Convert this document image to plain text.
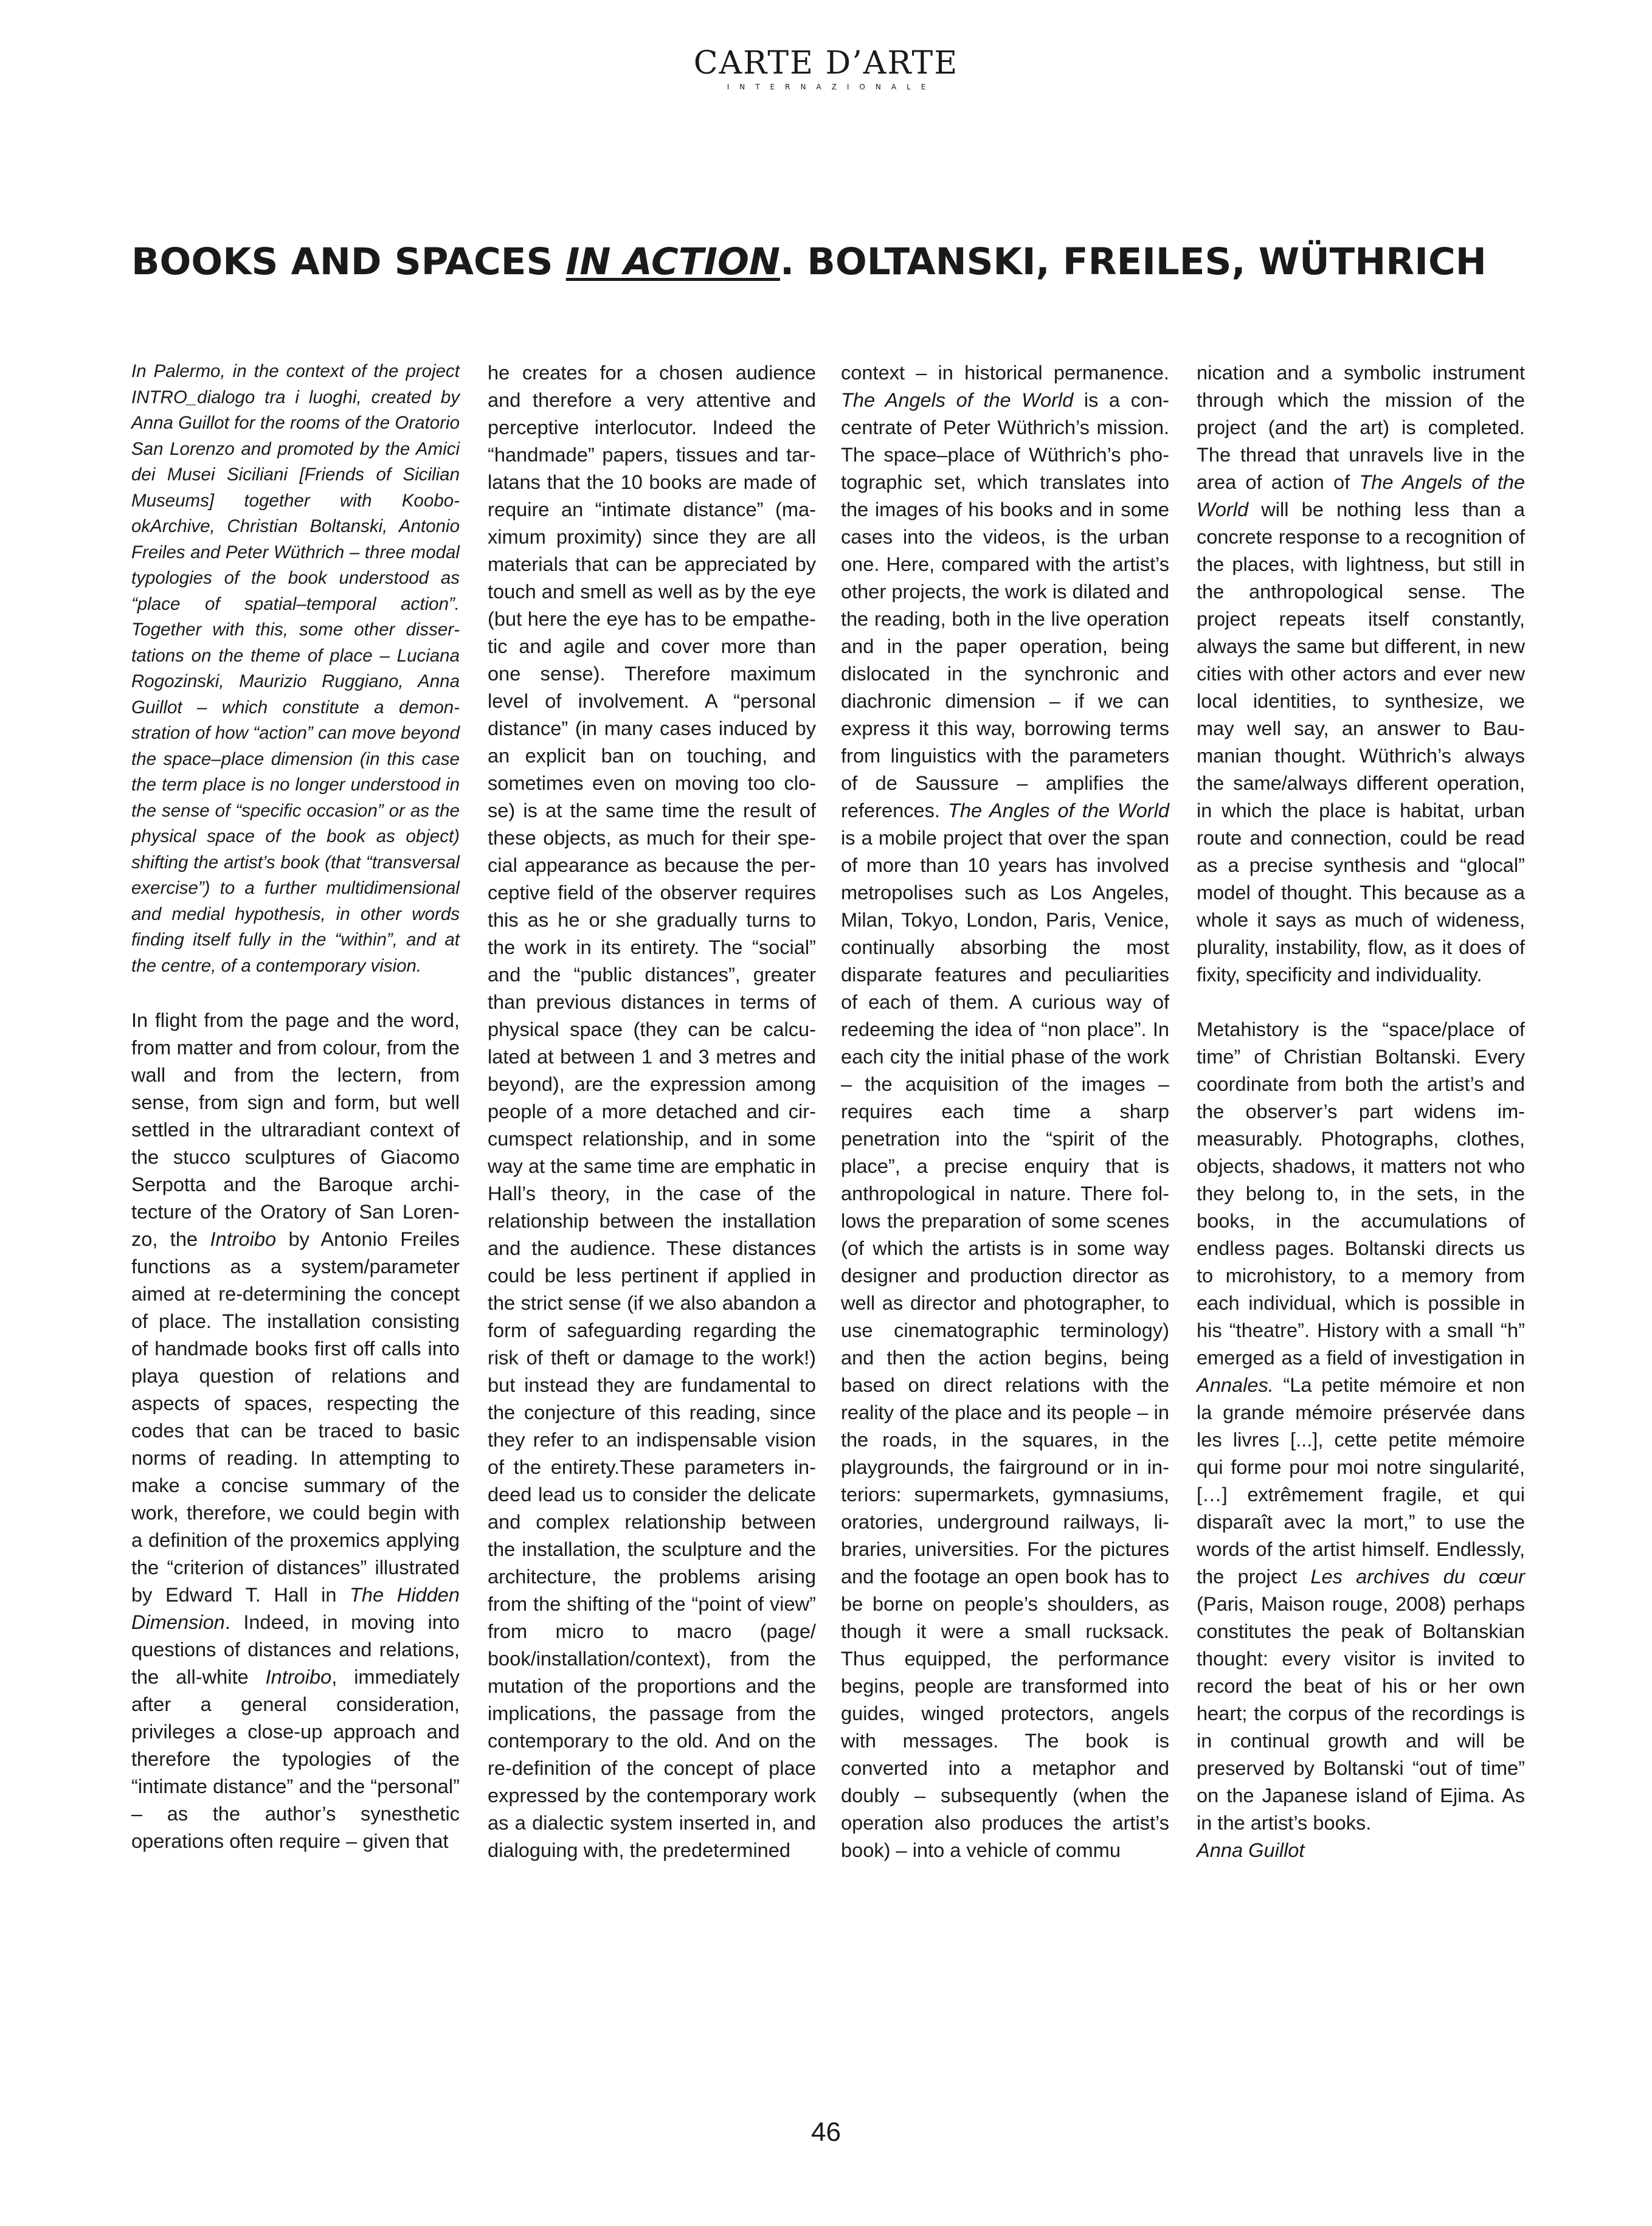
CARTE D’ARTE
INTERNAZIONALE
BOOKS AND SPACES IN ACTION. BOLTANSKI, FREILES, WÜTHRICH

In Palermo, in the context of the project INTRO_dialogo tra i luoghi, created by Anna Guillot for the rooms of the Oratorio San Lorenzo and promoted by the Amici dei Musei Siciliani [Friends of Sicilian Museums] together with KoobookArchive, Christian Boltanski, Antonio Freiles and Peter Wüthrich – three modal typologies of the book understood as “place of spatial–temporal action”. Together with this, some other dissertations on the theme of place – Luciana Rogozinski, Maurizio Ruggiano, Anna Guillot – which constitute a demonstration of how “action” can move beyond the space–place dimension (in this case the term place is no longer understood in the sense of “specific occasion” or as the physical space of the book as object) shifting the artist’s book (that “transversal exercise”) to a further multidimensional and medial hypothesis, in other words finding itself fully in the “within”, and at the centre, of a contemporary vision.

In flight from the page and the word, from matter and from colour, from the wall and from the lectern, from sense, from sign and form, but well settled in the ultraradiant context of the stucco sculptures of Giacomo Serpotta and the Baroque architecture of the Oratory of San Lorenzo, the Introibo by Antonio Freiles functions as a system/parameter aimed at re-determining the concept of place. The installation consisting of handmade books first off calls into playa question of relations and aspects of spaces, respecting the codes that can be traced to basic norms of reading. In attempting to make a concise summary of the work, therefore, we could begin with a definition of the proxemics applying the “criterion of distances” illustrated by Edward T. Hall in The Hidden Dimension. Indeed, in moving into questions of distances and relations, the all-white Introibo, immediately after a general consideration, privileges a close-up approach and therefore the typologies of the “intimate distance” and the “personal” – as the author’s synesthetic operations often require – given that

he creates for a chosen audience and therefore a very attentive and perceptive interlocutor. Indeed the “handmade” papers, tissues and tarlatans that the 10 books are made of require an “intimate distance” (maximum proximity) since they are all materials that can be appreciated by touch and smell as well as by the eye (but here the eye has to be empathetic and agile and cover more than one sense). Therefore maximum level of involvement. A “personal distance” (in many cases induced by an explicit ban on touching, and sometimes even on moving too close) is at the same time the result of these objects, as much for their special appearance as because the perceptive field of the observer requires this as he or she gradually turns to the work in its entirety. The “social” and the “public distances”, greater than previous distances in terms of physical space (they can be calculated at between 1 and 3 metres and beyond), are the expression among people of a more detached and circumspect relationship, and in some way at the same time are emphatic in Hall’s theory, in the case of the relationship between the installation and the audience. These distances could be less pertinent if applied in the strict sense (if we also abandon a form of safeguarding regarding the risk of theft or damage to the work!) but instead they are fundamental to the conjecture of this reading, since they refer to an indispensable vision of the entirety.These parameters indeed lead us to consider the delicate and complex relationship between the installation, the sculpture and the architecture, the problems arising from the shifting of the “point of view” from micro to macro (page/ book/installation/context), from the mutation of the proportions and the implications, the passage from the contemporary to the old. And on the re-definition of the concept of place expressed by the contemporary work as a dialectic system inserted in, and dialoguing with, the predetermined

context – in historical permanence. The Angels of the World is a concentrate of Peter Wüthrich’s mission. The space–place of Wüthrich’s photographic set, which translates into the images of his books and in some cases into the videos, is the urban one. Here, compared with the artist’s other projects, the work is dilated and the reading, both in the live operation and in the paper operation, being dislocated in the synchronic and diachronic dimension – if we can express it this way, borrowing terms from linguistics with the parameters of de Saussure – amplifies the references. The Angles of the World is a mobile project that over the span of more than 10 years has involved metropolises such as Los Angeles, Milan, Tokyo, London, Paris, Venice, continually absorbing the most disparate features and peculiarities of each of them. A curious way of redeeming the idea of “non place”. In each city the initial phase of the work – the acquisition of the images – requires each time a sharp penetration into the “spirit of the place”, a precise enquiry that is anthropological in nature. There follows the preparation of some scenes (of which the artists is in some way designer and production director as well as director and photographer, to use cinematographic terminology) and then the action begins, being based on direct relations with the reality of the place and its people – in the roads, in the squares, in the playgrounds, the fairground or in interiors: supermarkets, gymnasiums, oratories, underground railways, libraries, universities. For the pictures and the footage an open book has to be borne on people’s shoulders, as though it were a small rucksack. Thus equipped, the performance begins, people are transformed into guides, winged protectors, angels with messages. The book is converted into a metaphor and doubly – subsequently (when the operation also produces the artist’s book) – into a vehicle of commu

nication and a symbolic instrument through which the mission of the project (and the art) is completed. The thread that unravels live in the area of action of The Angels of the World will be nothing less than a concrete response to a recognition of the places, with lightness, but still in the anthropological sense. The project repeats itself constantly, always the same but different, in new cities with other actors and ever new local identities, to synthesize, we may well say, an answer to Baumanian thought. Wüthrich’s always the same/always different operation, in which the place is habitat, urban route and connection, could be read as a precise synthesis and “glocal” model of thought. This because as a whole it says as much of wideness, plurality, instability, flow, as it does of fixity, specificity and individuality.

Metahistory is the “space/place of time” of Christian Boltanski. Every coordinate from both the artist’s and the observer’s part widens immeasurably. Photographs, clothes, objects, shadows, it matters not who they belong to, in the sets, in the books, in the accumulations of endless pages. Boltanski directs us to microhistory, to a memory from each individual, which is possible in his “theatre”. History with a small “h” emerged as a field of investigation in Annales. “La petite mémoire et non la grande mémoire préservée dans les livres [...], cette petite mémoire qui forme pour moi notre singularité, […] extrêmement fragile, et qui disparaît avec la mort,” to use the words of the artist himself. Endlessly, the project Les archives du cœur (Paris, Maison rouge, 2008) perhaps constitutes the peak of Boltanskian thought: every visitor is invited to record the beat of his or her own heart; the corpus of the recordings is in continual growth and will be preserved by Boltanski “out of time” on the Japanese island of Ejima. As in the artist’s books.

Anna Guillot

46
